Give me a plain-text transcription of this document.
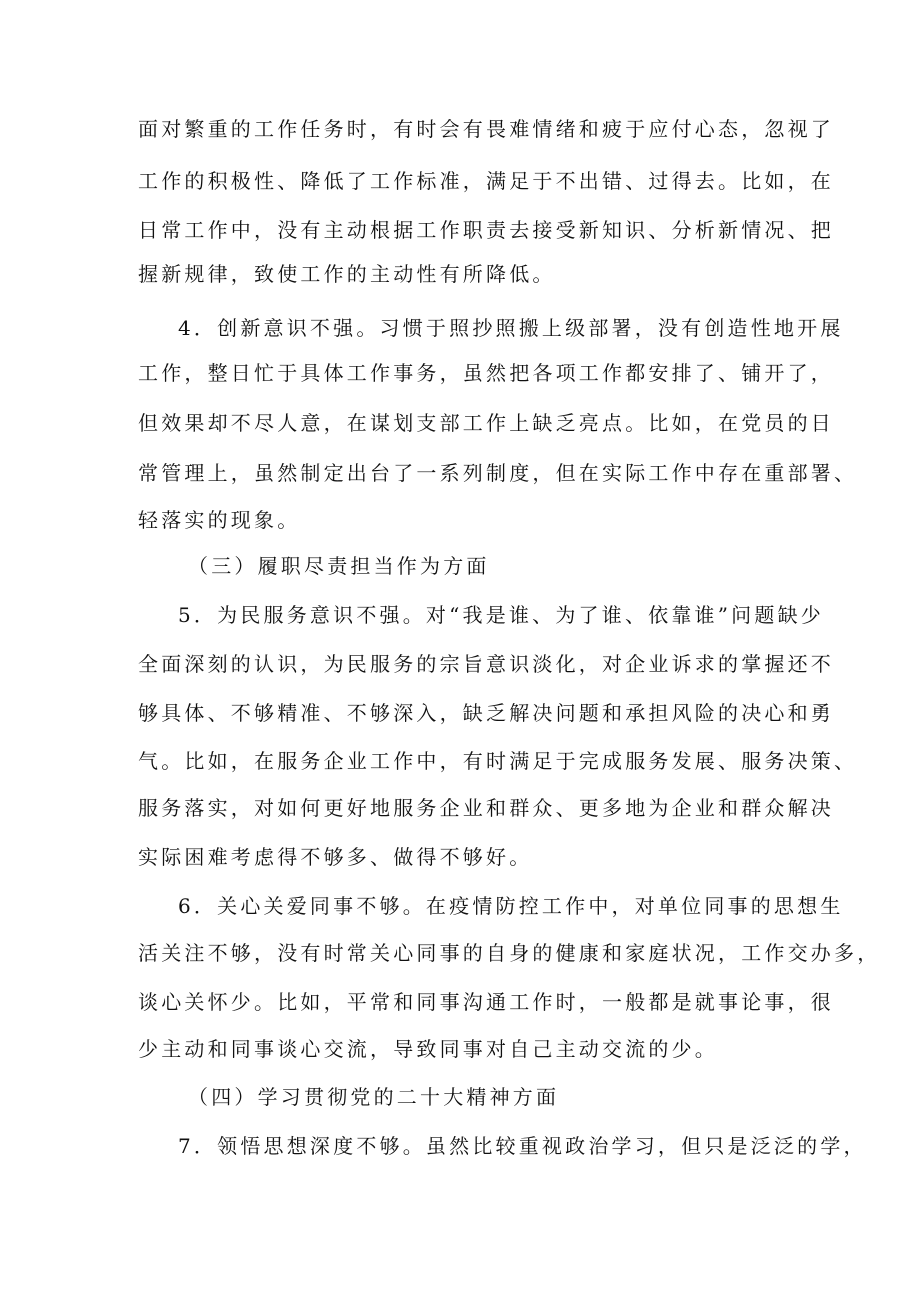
面对繁重的工作任务时，有时会有畏难情绪和疲于应付心态，忽视了
工作的积极性、降低了工作标准，满足于不出错、过得去。比如，在
日常工作中，没有主动根据工作职责去接受新知识、分析新情况、把
握新规律，致使工作的主动性有所降低。
4．创新意识不强。习惯于照抄照搬上级部署，没有创造性地开展
工作，整日忙于具体工作事务，虽然把各项工作都安排了、铺开了，
但效果却不尽人意，在谋划支部工作上缺乏亮点。比如，在党员的日
常管理上，虽然制定出台了一系列制度，但在实际工作中存在重部署、
轻落实的现象。
（三）履职尽责担当作为方面
5．为民服务意识不强。对“我是谁、为了谁、依靠谁”问题缺少
全面深刻的认识，为民服务的宗旨意识淡化，对企业诉求的掌握还不
够具体、不够精准、不够深入，缺乏解决问题和承担风险的决心和勇
气。比如，在服务企业工作中，有时满足于完成服务发展、服务决策、
服务落实，对如何更好地服务企业和群众、更多地为企业和群众解决
实际困难考虑得不够多、做得不够好。
6．关心关爱同事不够。在疫情防控工作中，对单位同事的思想生
活关注不够，没有时常关心同事的自身的健康和家庭状况，工作交办多，
谈心关怀少。比如，平常和同事沟通工作时，一般都是就事论事，很
少主动和同事谈心交流，导致同事对自己主动交流的少。
（四）学习贯彻党的二十大精神方面
7．领悟思想深度不够。虽然比较重视政治学习，但只是泛泛的学，
